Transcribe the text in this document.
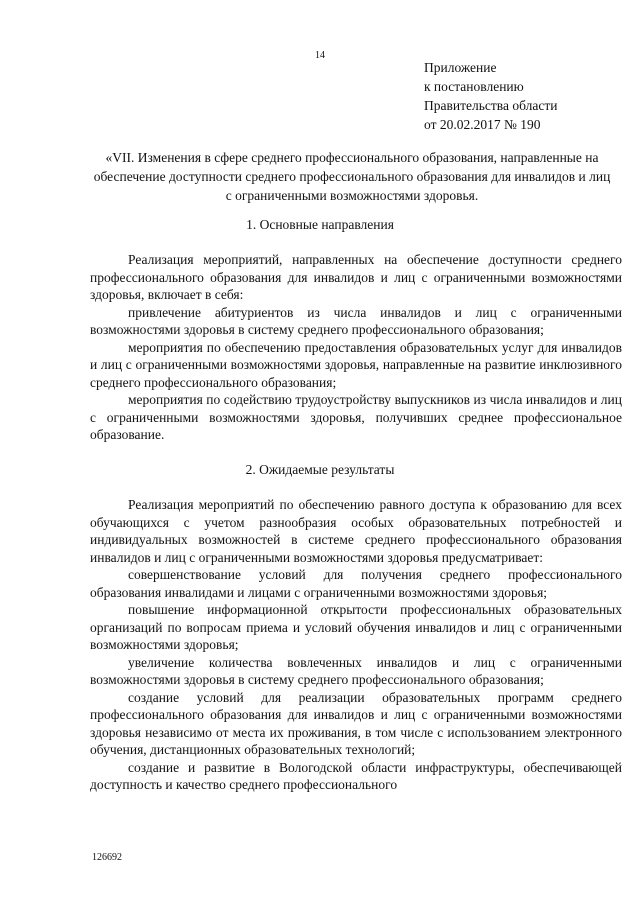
14
Приложение
к постановлению
Правительства области
от 20.02.2017 № 190
«VII. Изменения в сфере среднего профессионального образования, направленные на обеспечение доступности среднего профессионального образования для инвалидов и лиц с ограниченными возможностями здоровья.
1. Основные направления

Реализация мероприятий, направленных на обеспечение доступности среднего профессионального образования для инвалидов и лиц с ограниченными возможностями здоровья, включает в себя:

привлечение абитуриентов из числа инвалидов и лиц с ограниченными возможностями здоровья в систему среднего профессионального образования;

мероприятия по обеспечению предоставления образовательных услуг для инвалидов и лиц с ограниченными возможностями здоровья, направленные на развитие инклюзивного среднего профессионального образования;

мероприятия по содействию трудоустройству выпускников из числа инвалидов и лиц с ограниченными возможностями здоровья, получивших среднее профессиональное образование.

2. Ожидаемые результаты

Реализация мероприятий по обеспечению равного доступа к образованию для всех обучающихся с учетом разнообразия особых образовательных потребностей и индивидуальных возможностей в системе среднего профессионального образования инвалидов и лиц с ограниченными возможностями здоровья предусматривает:

совершенствование условий для получения среднего профессионального образования инвалидами и лицами с ограниченными возможностями здоровья;

повышение информационной открытости профессиональных образовательных организаций по вопросам приема и условий обучения инвалидов и лиц с ограниченными возможностями здоровья;

увеличение количества вовлеченных инвалидов и лиц с ограниченными возможностями здоровья в систему среднего профессионального образования;

создание условий для реализации образовательных программ среднего профессионального образования для инвалидов и лиц с ограниченными возможностями здоровья независимо от места их проживания, в том числе с использованием электронного обучения, дистанционных образовательных технологий;

создание и развитие в Вологодской области инфраструктуры, обеспечивающей доступность и качество среднего профессионального

126692
